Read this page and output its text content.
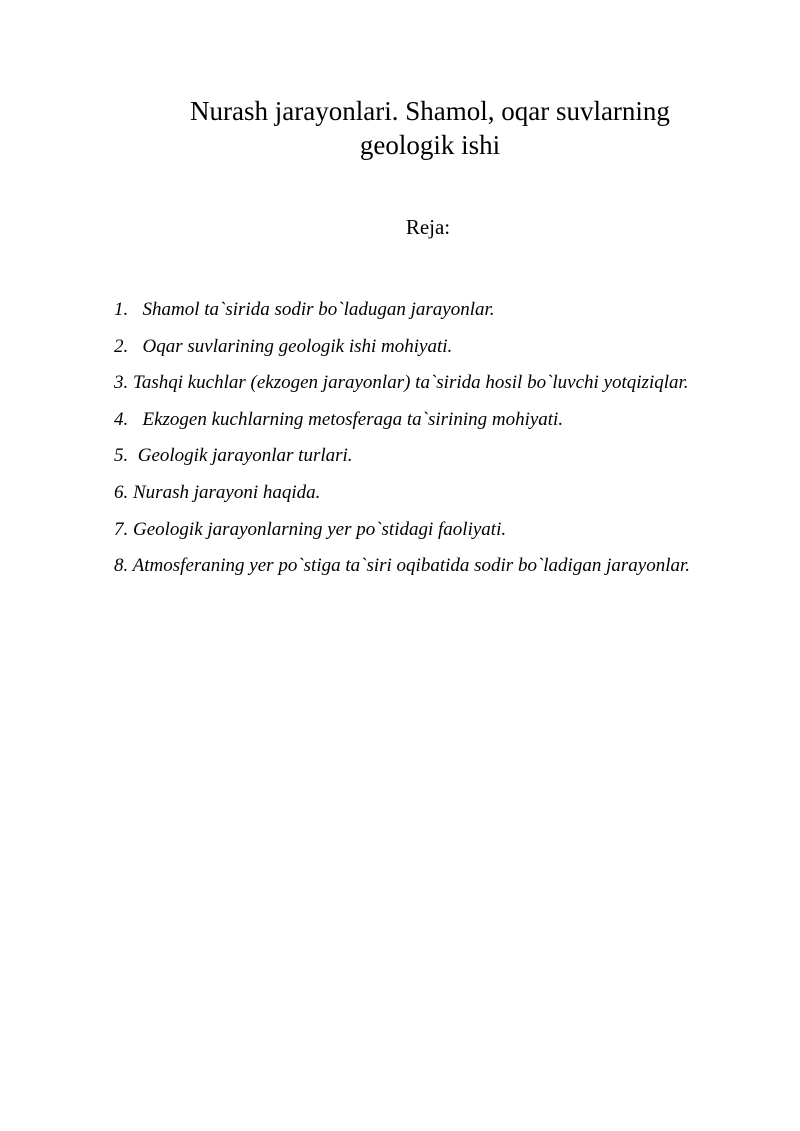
Nurash jarayonlari. Shamol, oqar suvlarning
geologik ishi
Reja:
1. Shamol ta`sirida sodir bo`ladugan jarayonlar.
2. Oqar suvlarining geologik ishi mohiyati.
3. Tashqi kuchlar (ekzogen jarayonlar) ta`sirida hosil bo`luvchi yotqiziqlar.
4. Ekzogen kuchlarning metosferaga ta`sirining mohiyati.
5. Geologik jarayonlar turlari.
6. Nurash jarayoni haqida.
7. Geologik jarayonlarning yer po`stidagi faoliyati.
8. Atmosferaning yer po`stiga ta`siri oqibatida sodir bo`ladigan jarayonlar.
